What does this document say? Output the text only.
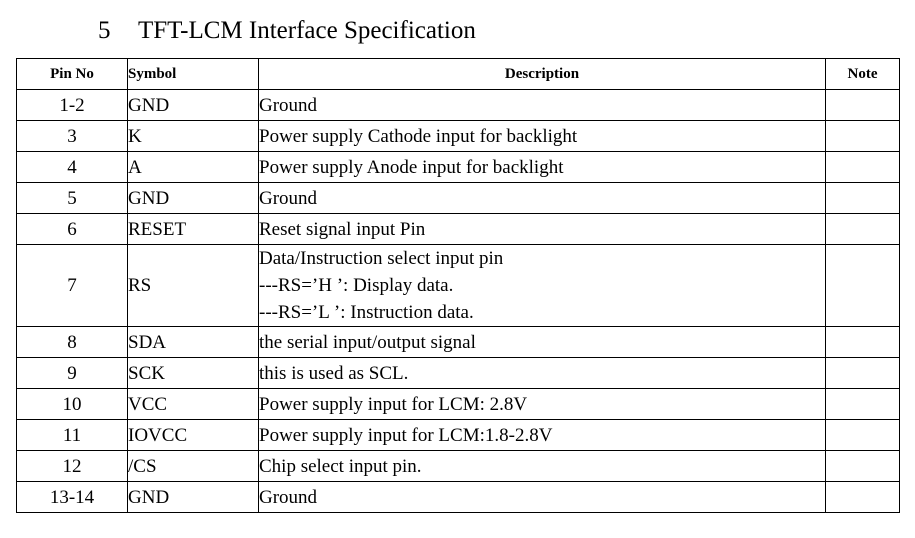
5 TFT-LCM Interface Specification
Pin No	Symbol	Description	Note
1-2	GND	Ground	

3	K	Power supply Cathode input for backlight	

4	A	Power supply Anode input for backlight	

5	GND	Ground	

6	RESET	Reset signal input Pin	

7	RS	Data/Instruction select input pin
---RS=’H ’: Display data.
---RS=’L ’: Instruction data.	

8	SDA	the serial input/output signal	

9	SCK	this is used as SCL.	

10	VCC	Power supply input for LCM: 2.8V	

11	IOVCC	Power supply input for LCM:1.8-2.8V	

12	/CS	Chip select input pin.	

13-14	GND	Ground	
